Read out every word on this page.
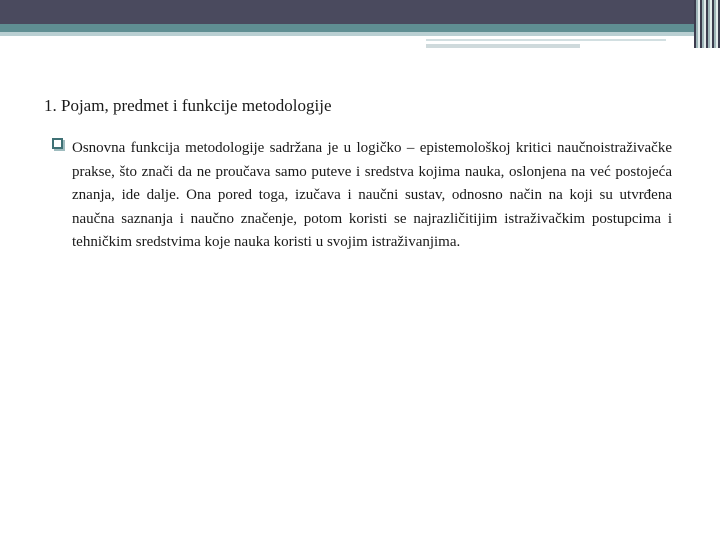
1. Pojam, predmet i funkcije metodologije

Osnovna funkcija metodologije sadržana je u logičko – epistemološkoj kritici naučnoistraživačke prakse, što znači da ne proučava samo puteve i sredstva kojima nauka, oslonjena na već postojeća znanja, ide dalje. Ona pored toga, izučava i naučni sustav, odnosno način na koji su utvrđena naučna saznanja i naučno značenje, potom koristi se najrazličitijim istraživačkim postupcima i tehničkim sredstvima koje nauka koristi u svojim istraživanjima.
